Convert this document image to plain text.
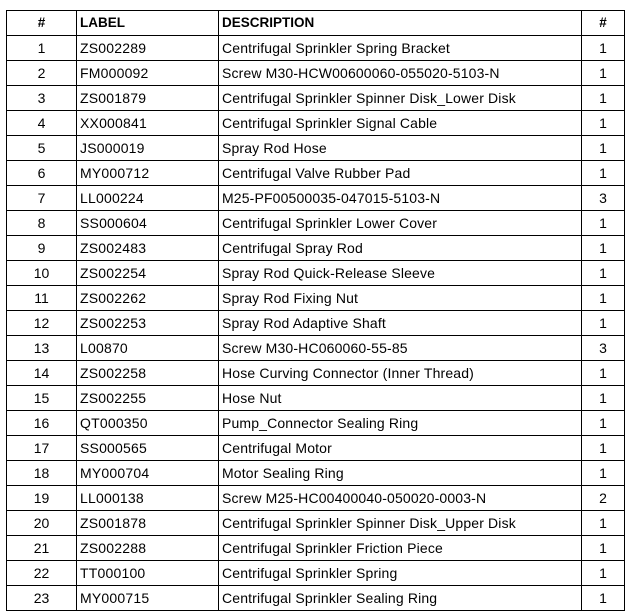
#	LABEL	DESCRIPTION	#
1	ZS002289	Centrifugal Sprinkler Spring Bracket	1
2	FM000092	Screw M30-HCW00600060-055020-5103-N	1
3	ZS001879	Centrifugal Sprinkler Spinner Disk_Lower Disk	1
4	XX000841	Centrifugal Sprinkler Signal Cable	1
5	JS000019	Spray Rod Hose	1
6	MY000712	Centrifugal Valve Rubber Pad	1
7	LL000224	M25-PF00500035-047015-5103-N	3
8	SS000604	Centrifugal Sprinkler Lower Cover	1
9	ZS002483	Centrifugal Spray Rod	1
10	ZS002254	Spray Rod Quick-Release Sleeve	1
11	ZS002262	Spray Rod Fixing Nut	1
12	ZS002253	Spray Rod Adaptive Shaft	1
13	L00870	Screw M30-HC060060-55-85	3
14	ZS002258	Hose Curving Connector (Inner Thread)	1
15	ZS002255	Hose Nut	1
16	QT000350	Pump_Connector Sealing Ring	1
17	SS000565	Centrifugal Motor	1
18	MY000704	Motor Sealing Ring	1
19	LL000138	Screw M25-HC00400040-050020-0003-N	2
20	ZS001878	Centrifugal Sprinkler Spinner Disk_Upper Disk	1
21	ZS002288	Centrifugal Sprinkler Friction Piece	1
22	TT000100	Centrifugal Sprinkler Spring	1
23	MY000715	Centrifugal Sprinkler Sealing Ring	1
